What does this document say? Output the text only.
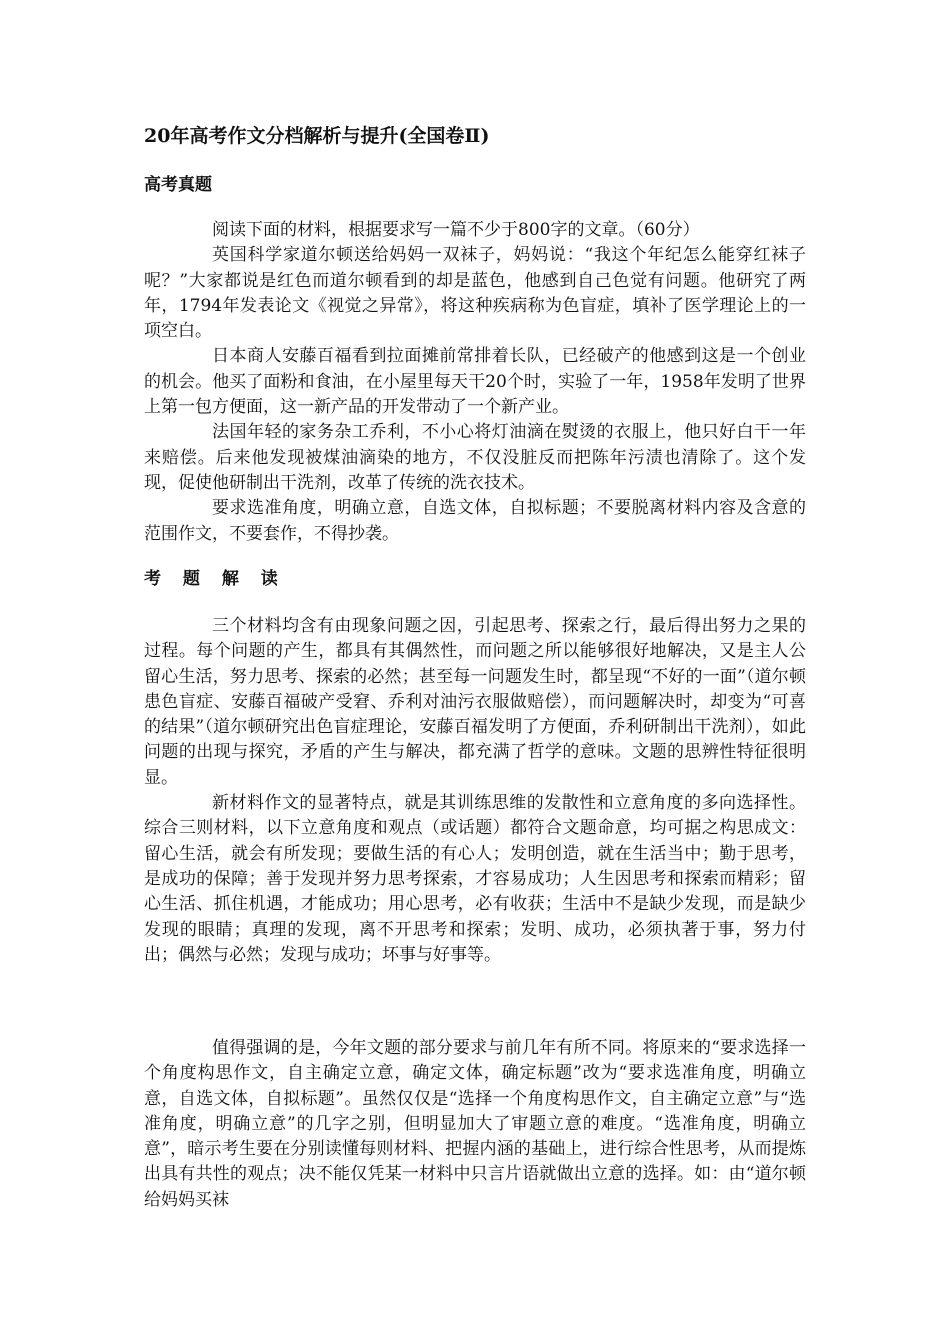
20年高考作文分档解析与提升(全国卷Ⅱ)
高考真题

阅读下面的材料，根据要求写一篇不少于800字的文章。（60分）

英国科学家道尔顿送给妈妈一双袜子，妈妈说：“我这个年纪怎么能穿红袜子呢？”大家都说是红色而道尔顿看到的却是蓝色，他感到自己色觉有问题。他研究了两年，1794年发表论文《视觉之异常》，将这种疾病称为色盲症，填补了医学理论上的一项空白。

日本商人安藤百福看到拉面摊前常排着长队，已经破产的他感到这是一个创业的机会。他买了面粉和食油，在小屋里每天干20个时，实验了一年，1958年发明了世界上第一包方便面，这一新产品的开发带动了一个新产业。

法国年轻的家务杂工乔利，不小心将灯油滴在熨烫的衣服上，他只好白干一年来赔偿。后来他发现被煤油滴染的地方，不仅没脏反而把陈年污渍也清除了。这个发现，促使他研制出干洗剂，改革了传统的洗衣技术。

要求选准角度，明确立意，自选文体，自拟标题；不要脱离材料内容及含意的范围作文，不要套作，不得抄袭。

考 题 解 读

三个材料均含有由现象问题之因，引起思考、探索之行，最后得出努力之果的过程。每个问题的产生，都具有其偶然性，而问题之所以能够很好地解决，又是主人公留心生活，努力思考、探索的必然；甚至每一问题发生时，都呈现“不好的一面”（道尔顿患色盲症、安藤百福破产受窘、乔利对油污衣服做赔偿），而问题解决时，却变为“可喜的结果”（道尔顿研究出色盲症理论，安藤百福发明了方便面，乔利研制出干洗剂），如此问题的出现与探究，矛盾的产生与解决，都充满了哲学的意味。文题的思辨性特征很明显。

新材料作文的显著特点，就是其训练思维的发散性和立意角度的多向选择性。综合三则材料，以下立意角度和观点（或话题）都符合文题命意，均可据之构思成文：留心生活，就会有所发现；要做生活的有心人；发明创造，就在生活当中；勤于思考，是成功的保障；善于发现并努力思考探索，才容易成功；人生因思考和探索而精彩；留心生活、抓住机遇，才能成功；用心思考，必有收获；生活中不是缺少发现，而是缺少发现的眼睛；真理的发现，离不开思考和探索；发明、成功，必须执著于事，努力付出；偶然与必然；发现与成功；坏事与好事等。

值得强调的是，今年文题的部分要求与前几年有所不同。将原来的“要求选择一个角度构思作文，自主确定立意，确定文体，确定标题”改为“要求选准角度，明确立意，自选文体，自拟标题”。虽然仅仅是“选择一个角度构思作文，自主确定立意”与“选准角度，明确立意”的几字之别，但明显加大了审题立意的难度。“选准角度，明确立意”，暗示考生要在分别读懂每则材料、把握内涵的基础上，进行综合性思考，从而提炼出具有共性的观点；决不能仅凭某一材料中只言片语就做出立意的选择。如：由“道尔顿给妈妈买袜
